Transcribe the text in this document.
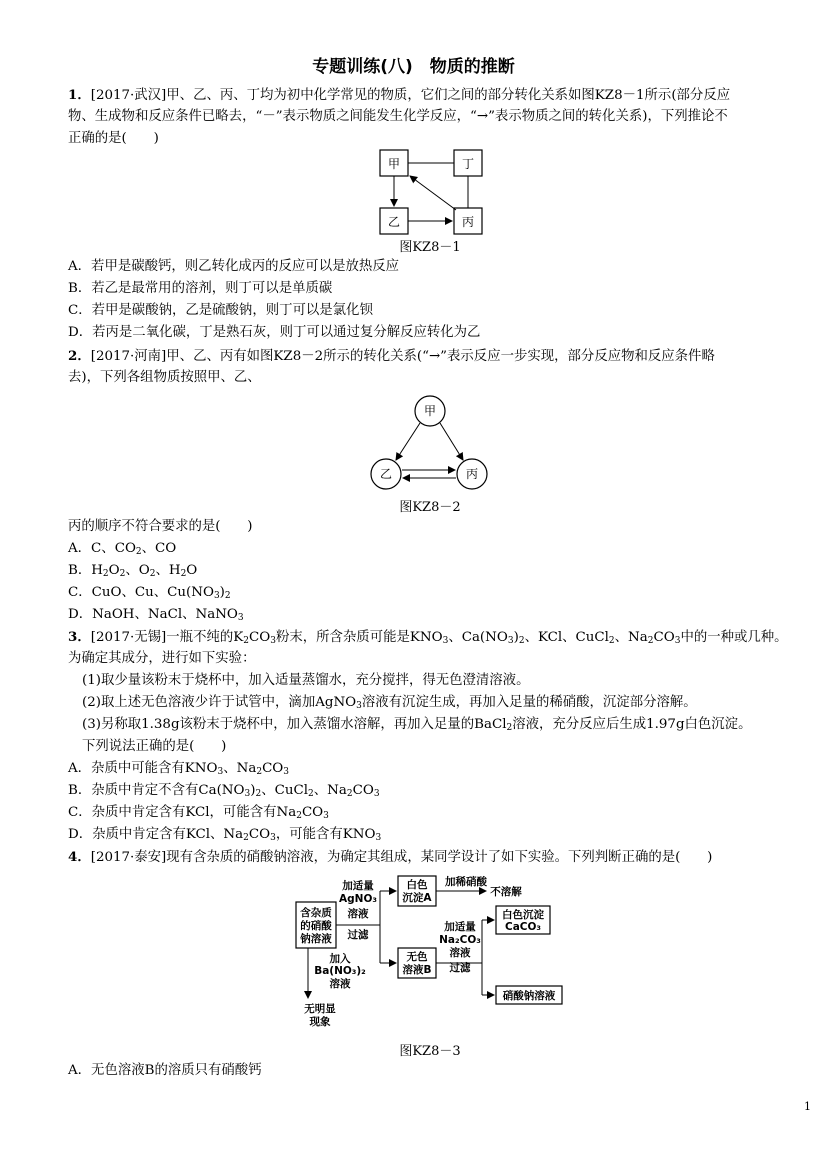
专题训练(八)　物质的推断

1．[2017·武汉]甲、乙、丙、丁均为初中化学常见的物质，它们之间的部分转化关系如图KZ8－1所示(部分反应

物、生成物和反应条件已略去，“－”表示物质之间能发生化学反应，“→”表示物质之间的转化关系)，下列推论不

正确的是(　　)

甲	丁
乙	丙
图KZ8－1
A．若甲是碳酸钙，则乙转化成丙的反应可以是放热反应
B．若乙是最常用的溶剂，则丁可以是单质碳
C．若甲是碳酸钠，乙是硫酸钠，则丁可以是氯化钡
D．若丙是二氧化碳，丁是熟石灰，则丁可以通过复分解反应转化为乙

2．[2017·河南]甲、乙、丙有如图KZ8－2所示的转化关系(“→”表示反应一步实现，部分反应物和反应条件略

去)，下列各组物质按照甲、乙、

甲
乙	丙
图KZ8－2

丙的顺序不符合要求的是(　　)

A．C、$CO_2$、CO
B．$H_2O_2$、$O_2$、$H_2O$
C．CuO、Cu、$Cu(NO_3)_2$
D．NaOH、NaCl、NaNO$_3$

3．[2017·无锡]一瓶不纯的$K_2CO_3$粉末，所含杂质可能是$KNO_3$、$Ca(NO_3)_2$、KCl、CuCl$_2$、$Na_2CO_3$中的一种或几种。

为确定其成分，进行如下实验：

(1)取少量该粉末于烧杯中，加入适量蒸馏水，充分搅拌，得无色澄清溶液。

(2)取上述无色溶液少许于试管中，滴加AgNO$_3$溶液有沉淀生成，再加入足量的稀硝酸，沉淀部分溶解。

(3)另称取1.38g该粉末于烧杯中，加入蒸馏水溶解，再加入足量的BaCl$_2$溶液，充分反应后生成1.97g白色沉淀。

下列说法正确的是(　　)

A．杂质中可能含有$KNO_3$、$Na_2CO_3$
B．杂质中肯定不含有$Ca(NO_3)_2$、CuCl$_2$、$Na_2CO_3$
C．杂质中肯定含有KCl，可能含有$Na_2CO_3$
D．杂质中肯定含有KCl、$Na_2CO_3$，可能含有$KNO_3$

4．[2017·泰安]现有含杂质的硝酸钠溶液，为确定其组成，某同学设计了如下实验。下列判断正确的是(　　)

含杂质
的硝酸
钠溶液
加适量
AgNO₃
溶液
过滤
白色
沉淀A
加稀硝酸
不溶解
无色
溶液B
加适量
Na₂CO₃
溶液
过滤
白色沉淀
CaCO₃
硝酸钠溶液
加入
Ba(NO₃)₂
溶液
无明显
现象
图KZ8－3
A．无色溶液B的溶质只有硝酸钙
1
